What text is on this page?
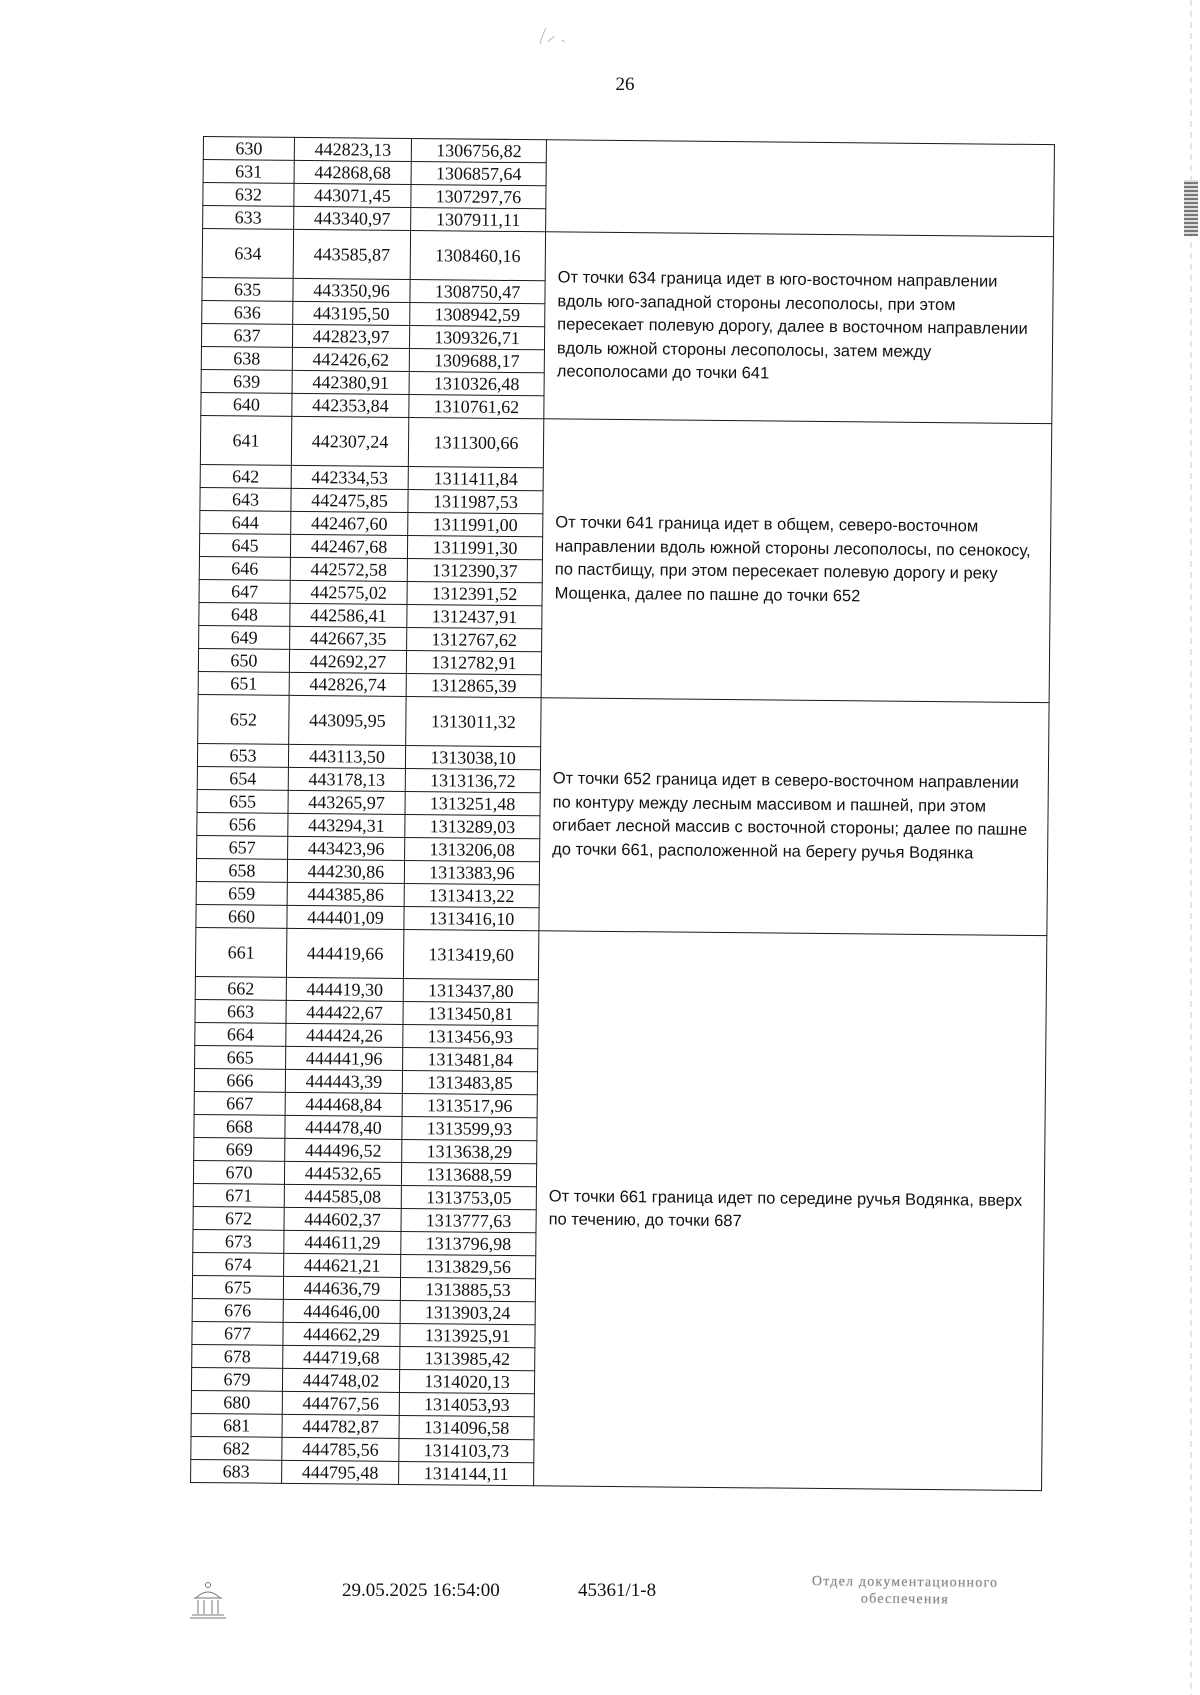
26
630	442823,13	1306756,82	
631	442868,68	1306857,64	
632	443071,45	1307297,76	
633	443340,97	1307911,11	
634	443585,87	1308460,16	От точки 634 граница идет в юго-восточном направлении вдоль юго-западной стороны лесополосы, при этом пересекает полевую дорогу, далее в восточном направлении вдоль южной стороны лесополосы, затем между лесополосами до точки 641
635	443350,96	1308750,47	
636	443195,50	1308942,59	
637	442823,97	1309326,71	
638	442426,62	1309688,17	
639	442380,91	1310326,48	
640	442353,84	1310761,62	
641	442307,24	1311300,66	От точки 641 граница идет в общем, северо-восточном направлении вдоль южной стороны лесополосы, по сенокосу, по пастбищу, при этом пересекает полевую дорогу и реку Мощенка, далее по пашне до точки 652
642	442334,53	1311411,84	
643	442475,85	1311987,53	
644	442467,60	1311991,00	
645	442467,68	1311991,30	
646	442572,58	1312390,37	
647	442575,02	1312391,52	
648	442586,41	1312437,91	
649	442667,35	1312767,62	
650	442692,27	1312782,91	
651	442826,74	1312865,39	
652	443095,95	1313011,32	От точки 652 граница идет в северо-восточном направлении по контуру между лесным массивом и пашней, при этом огибает лесной массив с восточной стороны; далее по пашне до точки 661, расположенной на берегу ручья Водянка
653	443113,50	1313038,10	
654	443178,13	1313136,72	
655	443265,97	1313251,48	
656	443294,31	1313289,03	
657	443423,96	1313206,08	
658	444230,86	1313383,96	
659	444385,86	1313413,22	
660	444401,09	1313416,10	
661	444419,66	1313419,60	От точки 661 граница идет по середине ручья Водянка, вверх по течению, до точки 687
662	444419,30	1313437,80	
663	444422,67	1313450,81	
664	444424,26	1313456,93	
665	444441,96	1313481,84	
666	444443,39	1313483,85	
667	444468,84	1313517,96	
668	444478,40	1313599,93	
669	444496,52	1313638,29	
670	444532,65	1313688,59	
671	444585,08	1313753,05	
672	444602,37	1313777,63	
673	444611,29	1313796,98	
674	444621,21	1313829,56	
675	444636,79	1313885,53	
676	444646,00	1313903,24	
677	444662,29	1313925,91	
678	444719,68	1313985,42	
679	444748,02	1314020,13	
680	444767,56	1314053,93	
681	444782,87	1314096,58	
682	444785,56	1314103,73	
683	444795,48	1314144,11	
29.05.2025 16:54:00	45361/1-8	Отдел документационного
обеспечения
